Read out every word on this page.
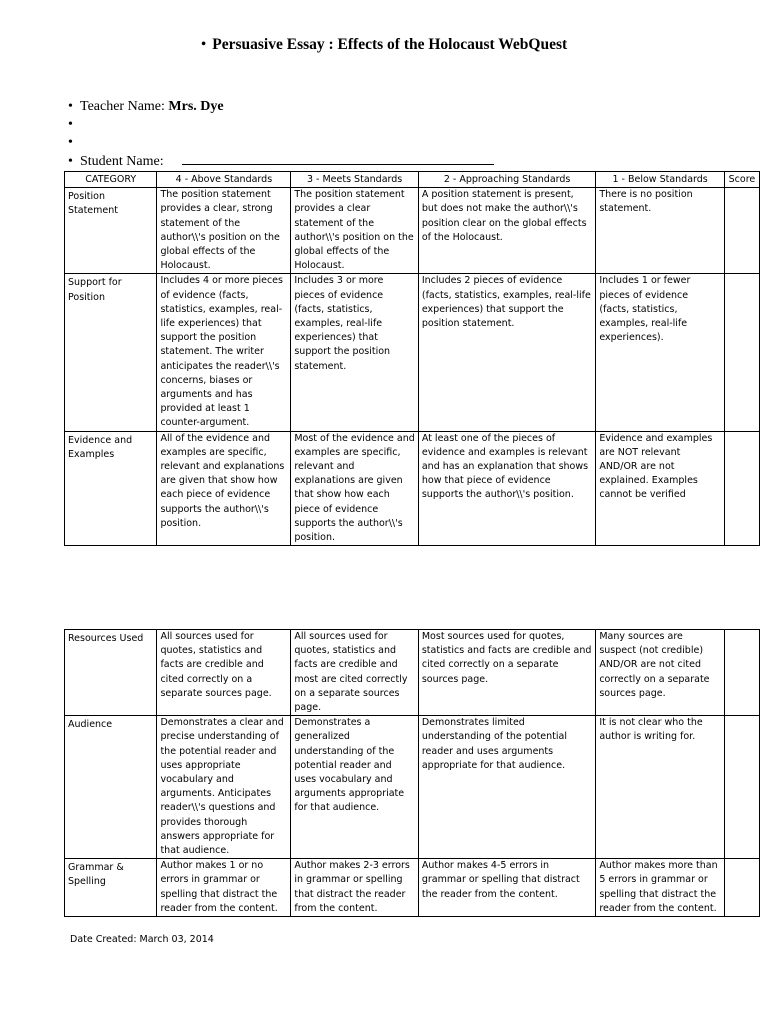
• Persuasive Essay : Effects of the Holocaust WebQuest
• Teacher Name: Mrs. Dye
•
•
• Student Name:
CATEGORY	4 - Above Standards	3 - Meets Standards	2 - Approaching Standards	1 - Below Standards	Score
Position Statement	The position statement provides a clear, strong statement of the author\\'s position on the global effects of the Holocaust.	The position statement provides a clear statement of the author\\'s position on the global effects of the Holocaust.	A position statement is present, but does not make the author\\'s position clear on the global effects of the Holocaust.	There is no position statement.	
Support for Position	Includes 4 or more pieces of evidence (facts, statistics, examples, real-life experiences) that support the position statement. The writer anticipates the reader\\'s concerns, biases or arguments and has provided at least 1 counter-argument.	Includes 3 or more pieces of evidence (facts, statistics, examples, real-life experiences) that support the position statement.	Includes 2 pieces of evidence (facts, statistics, examples, real-life experiences) that support the position statement.	Includes 1 or fewer pieces of evidence (facts, statistics, examples, real-life experiences).	
Evidence and Examples	All of the evidence and examples are specific, relevant and explanations are given that show how each piece of evidence supports the author\\'s position.	Most of the evidence and examples are specific, relevant and explanations are given that show how each piece of evidence supports the author\\'s position.	At least one of the pieces of evidence and examples is relevant and has an explanation that shows how that piece of evidence supports the author\\'s position.	Evidence and examples are NOT relevant AND/OR are not explained. Examples cannot be verified	
Resources Used	All sources used for quotes, statistics and facts are credible and cited correctly on a separate sources page.	All sources used for quotes, statistics and facts are credible and most are cited correctly on a separate sources page.	Most sources used for quotes, statistics and facts are credible and cited correctly on a separate sources page.	Many sources are suspect (not credible) AND/OR are not cited correctly on a separate sources page.	
Audience	Demonstrates a clear and precise understanding of the potential reader and uses appropriate vocabulary and arguments. Anticipates reader\\'s questions and provides thorough answers appropriate for that audience.	Demonstrates a generalized understanding of the potential reader and uses vocabulary and arguments appropriate for that audience.	Demonstrates limited understanding of the potential reader and uses arguments appropriate for that audience.	It is not clear who the author is writing for.	
Grammar & Spelling	Author makes 1 or no errors in grammar or spelling that distract the reader from the content.	Author makes 2-3 errors in grammar or spelling that distract the reader from the content.	Author makes 4-5 errors in grammar or spelling that distract the reader from the content.	Author makes more than 5 errors in grammar or spelling that distract the reader from the content.	
Date Created: March 03, 2014
